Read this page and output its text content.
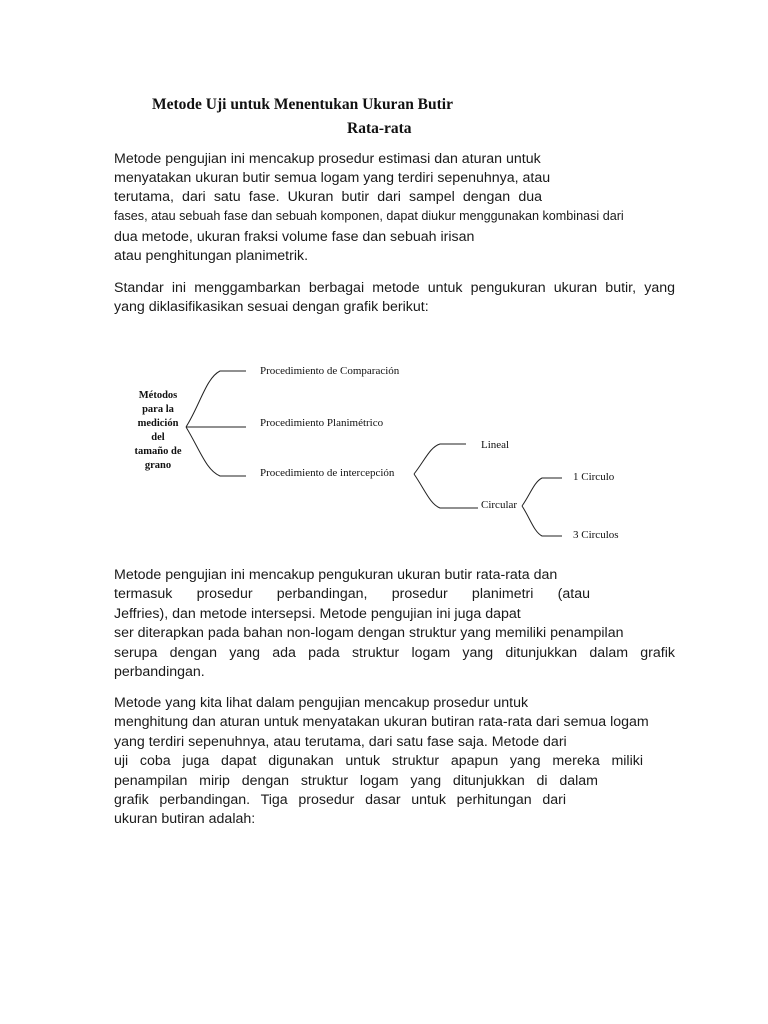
Metode Uji untuk Menentukan Ukuran Butir
Rata-rata
Metode pengujian ini mencakup prosedur estimasi dan aturan untuk
menyatakan ukuran butir semua logam yang terdiri sepenuhnya, atau
terutama, dari satu fase. Ukuran butir dari sampel dengan dua
fases, atau sebuah fase dan sebuah komponen, dapat diukur menggunakan kombinasi dari
dua metode, ukuran fraksi volume fase dan sebuah irisan
atau penghitungan planimetrik.
Standar ini menggambarkan berbagai metode untuk pengukuran ukuran butir, yang
yang diklasifikasikan sesuai dengan grafik berikut:
Métodos
para la
medición
del
tamaño de
grano
Procedimiento de Comparación
Procedimiento Planimétrico
Procedimiento de intercepción
Lineal
Circular
1 Circulo
3 Circulos
Metode pengujian ini mencakup pengukuran ukuran butir rata-rata dan
termasuk prosedur perbandingan, prosedur planimetri (atau
Jeffries), dan metode intersepsi. Metode pengujian ini juga dapat
ser diterapkan pada bahan non-logam dengan struktur yang memiliki penampilan
serupa dengan yang ada pada struktur logam yang ditunjukkan dalam grafik
perbandingan.
Metode yang kita lihat dalam pengujian mencakup prosedur untuk
menghitung dan aturan untuk menyatakan ukuran butiran rata-rata dari semua logam
yang terdiri sepenuhnya, atau terutama, dari satu fase saja. Metode dari
uji coba juga dapat digunakan untuk struktur apapun yang mereka miliki
penampilan mirip dengan struktur logam yang ditunjukkan di dalam
grafik perbandingan. Tiga prosedur dasar untuk perhitungan dari
ukuran butiran adalah:
